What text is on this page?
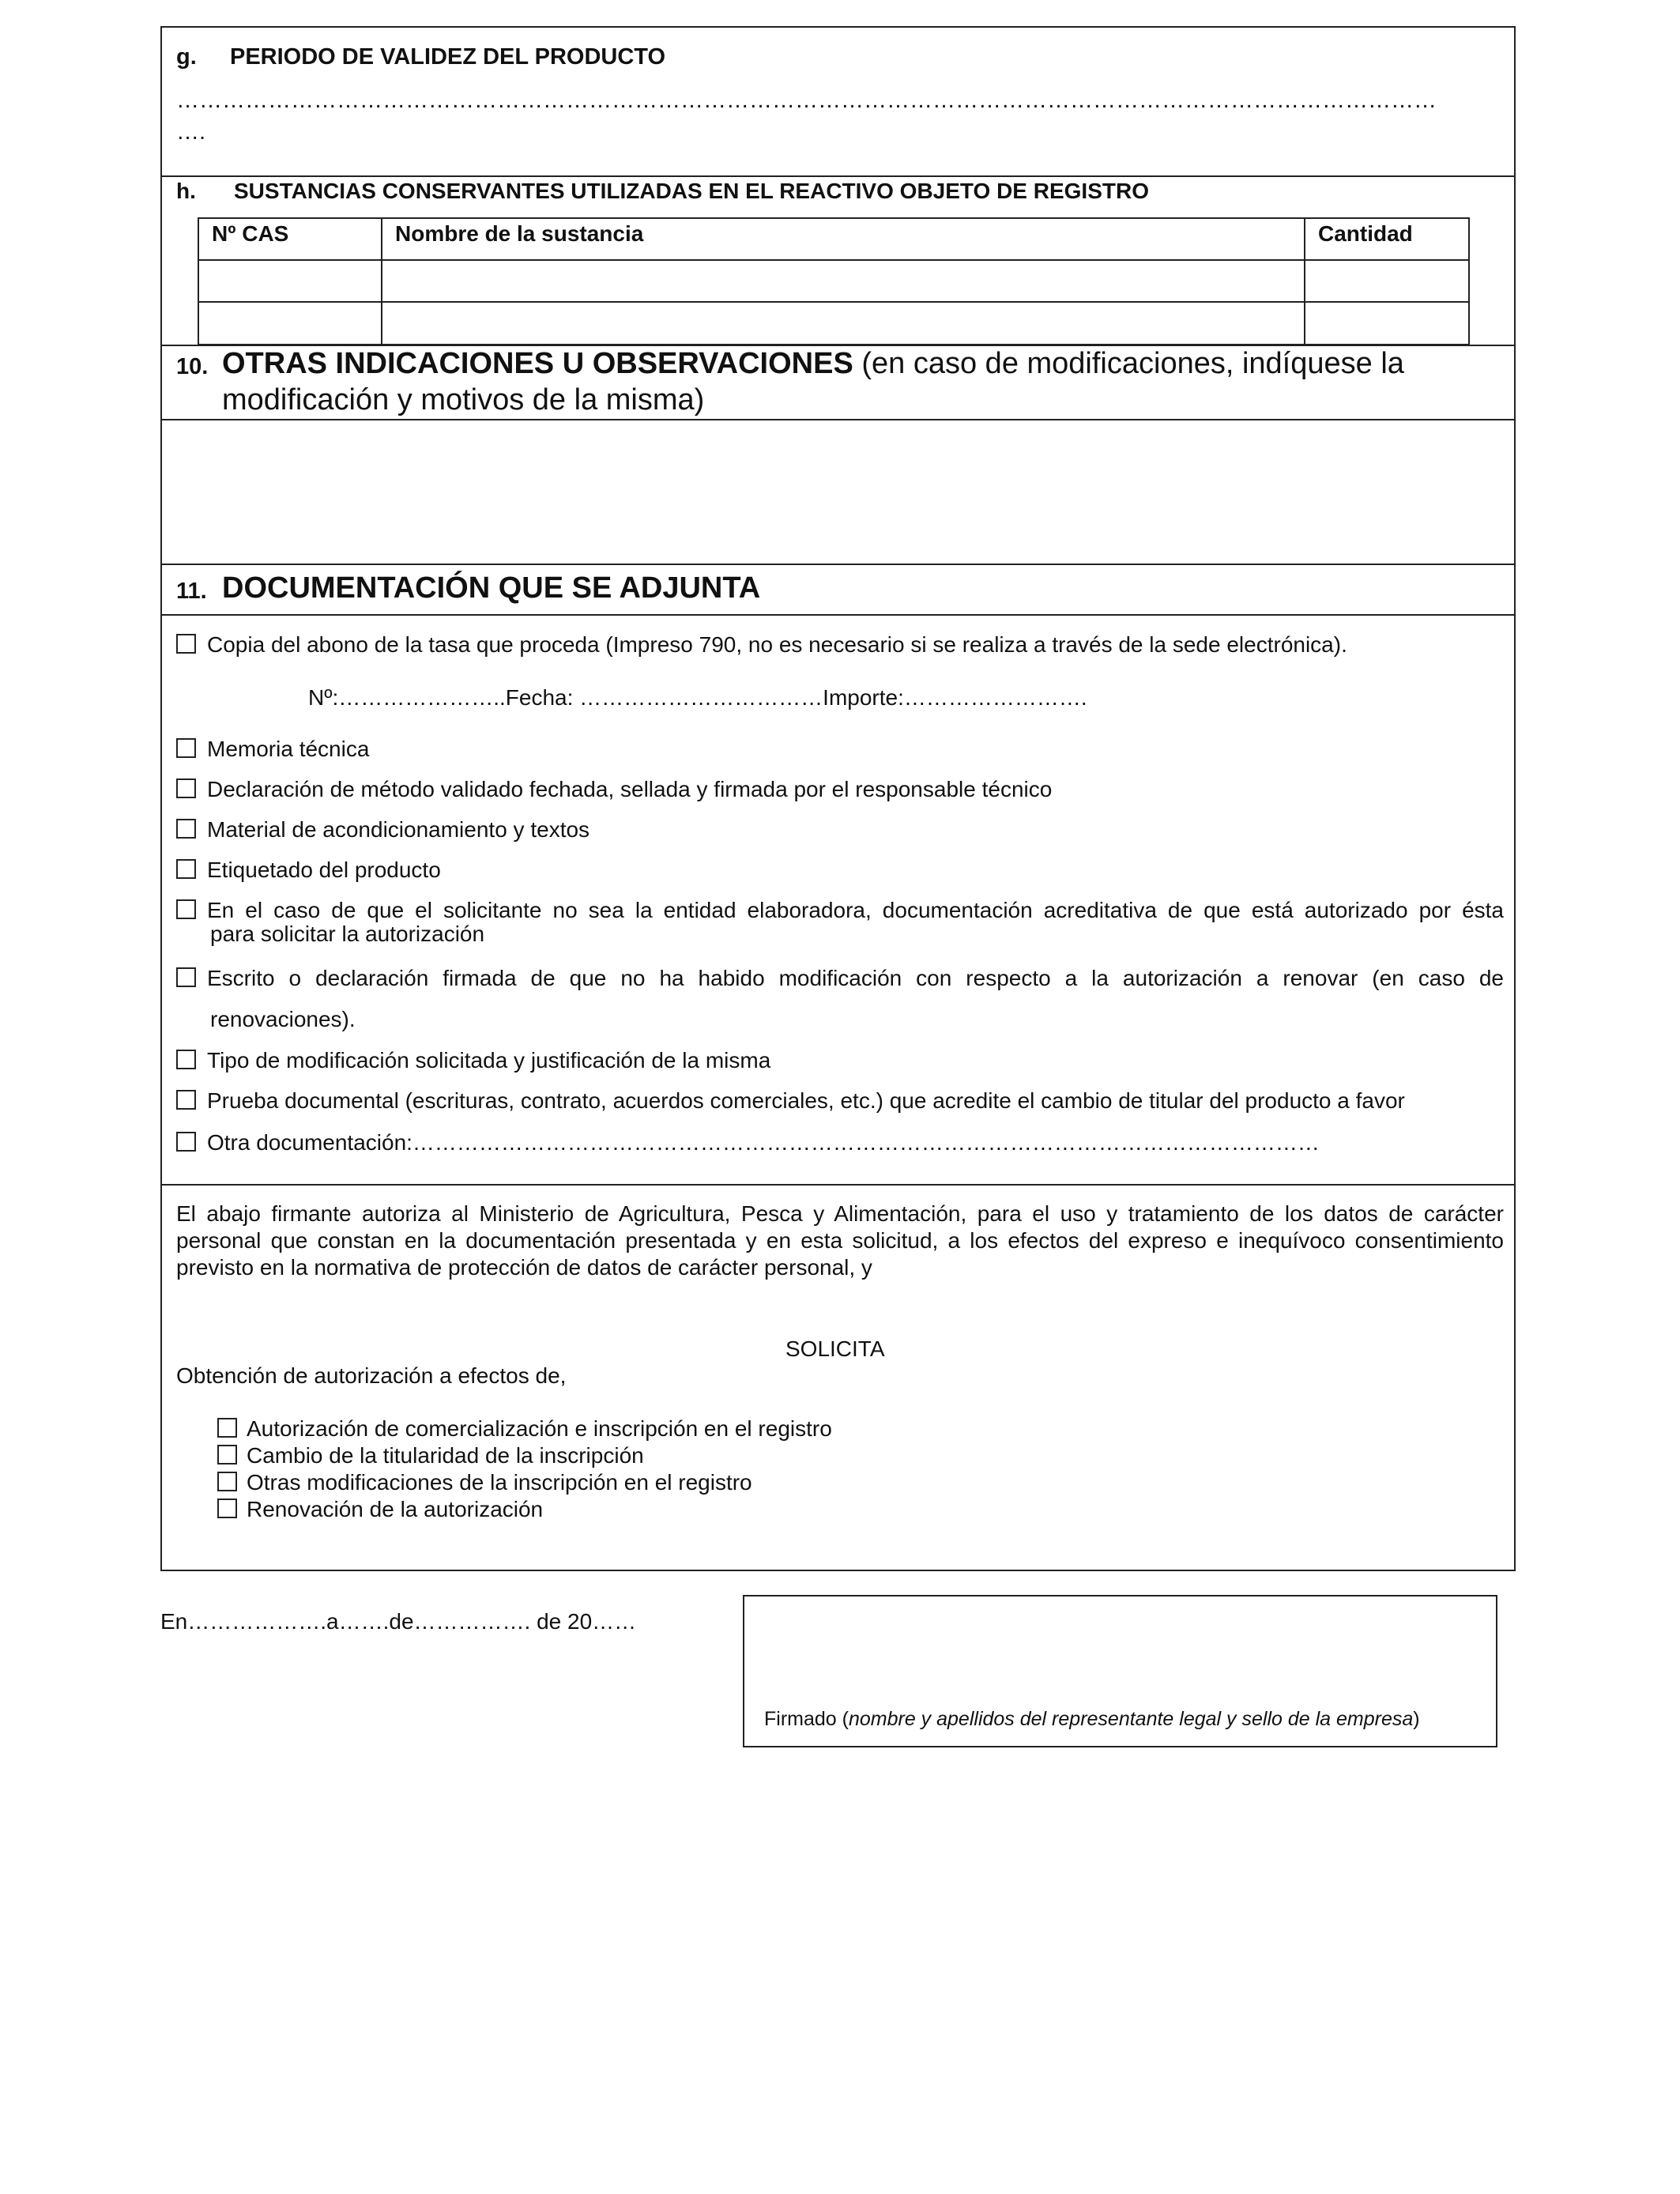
g. PERIODO DE VALIDEZ DEL PRODUCTO
…………………………………………………………………………………………………………………………………………………
….
h. SUSTANCIAS CONSERVANTES UTILIZADAS EN EL REACTIVO OBJETO DE REGISTRO
Nº CAS	Nombre de la sustancia	Cantidad
10. OTRAS INDICACIONES U OBSERVACIONES (en caso de modificaciones, indíquese la
modificación y motivos de la misma)
11. DOCUMENTACIÓN QUE SE ADJUNTA
Copia del abono de la tasa que proceda (Impreso 790, no es necesario si se realiza a través de la sede electrónica).
Nº:…………………..Fecha: ……………………………Importe:…………………….
Memoria técnica
Declaración de método validado fechada, sellada y firmada por el responsable técnico
Material de acondicionamiento y textos
Etiquetado del producto
En el caso de que el solicitante no sea la entidad elaboradora, documentación acreditativa de que está autorizado por ésta
para solicitar la autorización
Escrito o declaración firmada de que no ha habido modificación con respecto a la autorización a renovar (en caso de
renovaciones).
Tipo de modificación solicitada y justificación de la misma
Prueba documental (escrituras, contrato, acuerdos comerciales, etc.) que acredite el cambio de titular del producto a favor
Otra documentación:……………………………………………………………………………………………………………
El abajo firmante autoriza al Ministerio de Agricultura, Pesca y Alimentación, para el uso y tratamiento de los datos de carácter personal que constan en la documentación presentada y en esta solicitud, a los efectos del expreso e inequívoco consentimiento previsto en la normativa de protección de datos de carácter personal, y
SOLICITA
Obtención de autorización a efectos de,
Autorización de comercialización e inscripción en el registro
Cambio de la titularidad de la inscripción
Otras modificaciones de la inscripción en el registro
Renovación de la autorización
En……………….a…….de……………. de 20……
Firmado (nombre y apellidos del representante legal y sello de la empresa)
